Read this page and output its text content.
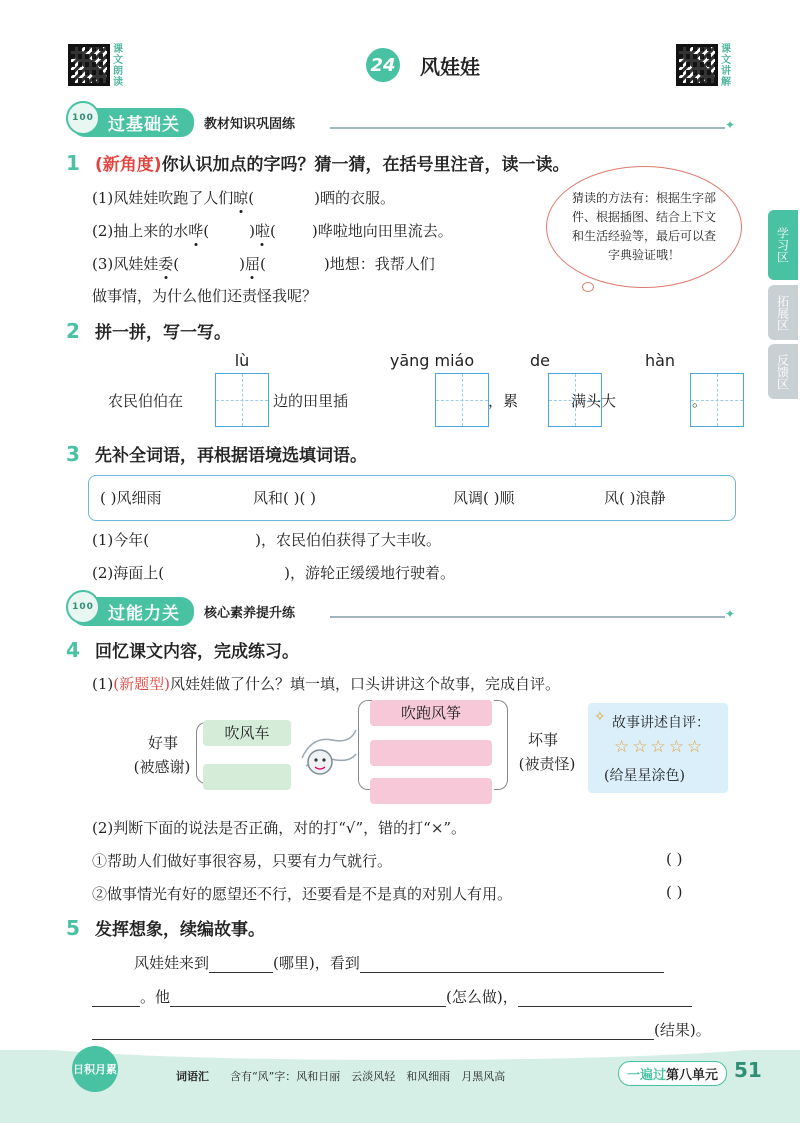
课文朗读
24 风娃娃
课文讲解
100 过基础关	教材知识巩固练	✦
1 (新角度)你认识加点的字吗？猜一猜，在括号里注音，读一读。
(1)风娃娃吹跑了人们晾(	)晒的衣服。
(2)抽上来的水哗(	)啦( )哗啦地向田里流去。
(3)风娃娃委(	)屈(	)地想：我帮人们
做事情，为什么他们还责怪我呢？
猜读的方法有：根据生字部件、根据插图、结合上下文和生活经验等，最后可以查字典验证哦！	学习区
拓展区
反馈区
2 拼一拼，写一写。
lù	yāng miáo	de	hàn
农民伯伯在
	边的田里插
	，累
	满头大	。
3 先补全词语，再根据语境选填词语。
( )风细雨	风和( )( )	风调( )顺	风( )浪静
(1)今年(	)，农民伯伯获得了大丰收。
(2)海面上(	)，游轮正缓缓地行驶着。
100 过能力关	核心素养提升练	✦
4 回忆课文内容，完成练习。
(1)(新题型)风娃娃做了什么？填一填，口头讲讲这个故事，完成自评。
好事
(被感谢)
吹风车
吹跑风筝
坏事
(被责怪)
✧ 故事讲述自评：
☆☆☆☆☆
(给星星涂色)
(2)判断下面的说法是否正确，对的打“√”，错的打“×”。
①帮助人们做好事很容易，只要有力气就行。	( )
②做事情光有好的愿望还不行，还要看是不是真的对别人有用。	( )
5 发挥想象，续编故事。
风娃娃来到	(哪里)，看到
。他	(怎么做)，
(结果)。
日积月累
词语汇 含有“风”字：风和日丽　云淡风轻　和风细雨　月黑风高	一遍过第八单元 51
